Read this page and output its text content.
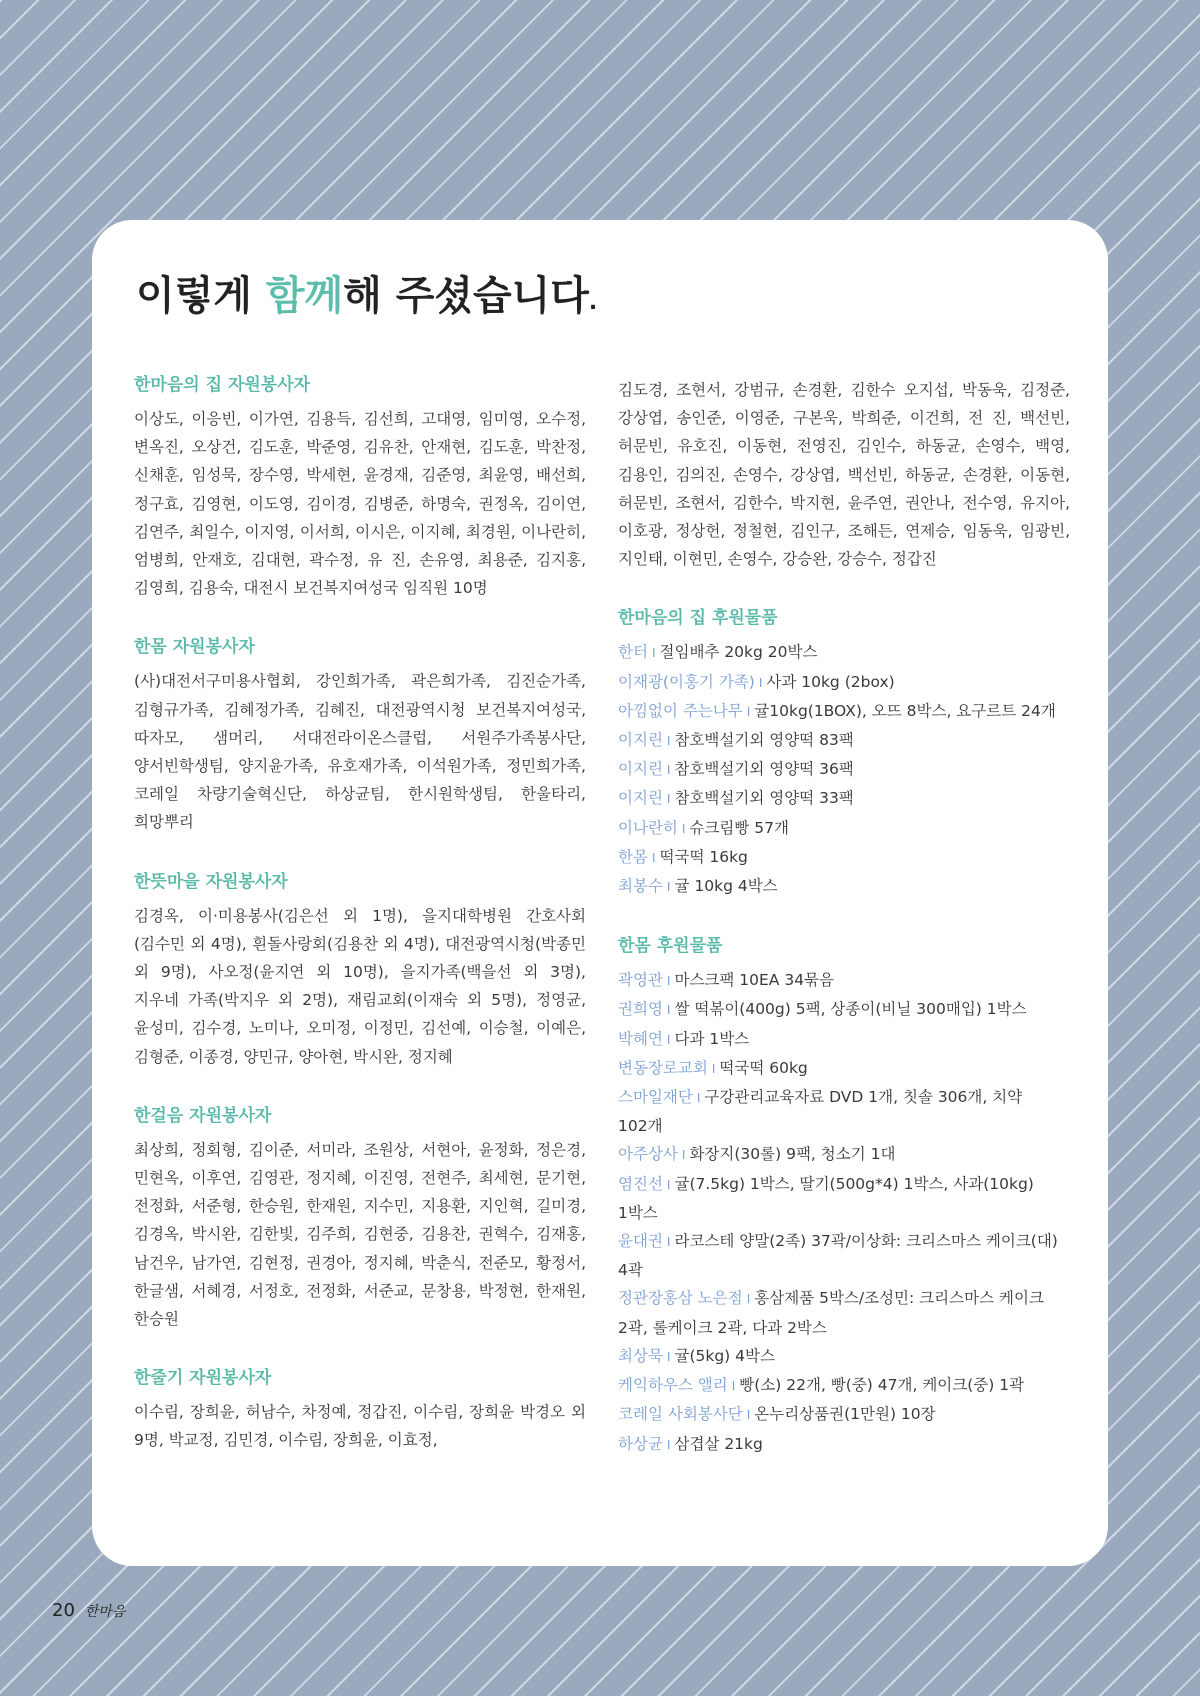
이렇게 함께해 주셨습니다.

한마음의 집 자원봉사자

이상도, 이응빈, 이가연, 김용득, 김선희, 고대영, 임미영, 오수정, 변옥진, 오상건, 김도훈, 박준영, 김유찬, 안재현, 김도훈, 박찬정, 신채훈, 임성묵, 장수영, 박세현, 윤경재, 김준영, 최윤영, 배선희, 정구효, 김영현, 이도영, 김이경, 김병준, 하명숙, 권정옥, 김이연, 김연주, 최일수, 이지영, 이서희, 이시은, 이지혜, 최경원, 이나란히, 엄병희, 안재호, 김대현, 곽수정, 유 진, 손유영, 최용준, 김지홍, 김영희, 김용숙, 대전시 보건복지여성국 임직원 10명

한몸 자원봉사자

(사)대전서구미용사협회, 강인희가족, 곽은희가족, 김진순가족, 김형규가족, 김혜정가족, 김혜진, 대전광역시청 보건복지여성국, 따자모, 샘머리, 서대전라이온스클럽, 서원주가족봉사단, 양서빈학생팀, 양지윤가족, 유호재가족, 이석원가족, 정민희가족, 코레일 차량기술혁신단, 하상균팀, 한시원학생팀, 한울타리, 희망뿌리

한뜻마을 자원봉사자

김경옥, 이·미용봉사(김은선 외 1명), 을지대학병원 간호사회(김수민 외 4명), 흰돌사랑회(김용찬 외 4명), 대전광역시청(박종민 외 9명), 사오정(윤지연 외 10명), 을지가족(백을선 외 3명), 지우네 가족(박지우 외 2명), 재림교회(이재숙 외 5명), 정영균, 윤성미, 김수경, 노미나, 오미정, 이정민, 김선예, 이승철, 이예은, 김형준, 이종경, 양민규, 양아현, 박시완, 정지혜

한걸음 자원봉사자

최상희, 정회형, 김이준, 서미라, 조원상, 서현아, 윤정화, 정은경, 민현옥, 이후연, 김영관, 정지혜, 이진영, 전현주, 최세현, 문기현, 전정화, 서준형, 한승원, 한재원, 지수민, 지용환, 지인혁, 길미경, 김경옥, 박시완, 김한빛, 김주희, 김현중, 김용찬, 권혁수, 김재홍, 남건우, 남가연, 김현정, 권경아, 정지혜, 박춘식, 전준모, 황정서, 한글샘, 서혜경, 서정호, 전정화, 서준교, 문창용, 박정현, 한재원, 한승원

한줄기 자원봉사자

이수림, 장희윤, 허남수, 차정예, 정갑진, 이수림, 장희윤 박경오 외 9명, 박교정, 김민경, 이수림, 장희윤, 이효정,

김도경, 조현서, 강범규, 손경환, 김한수 오지섭, 박동욱, 김정준, 강상엽, 송인준, 이영준, 구본욱, 박희준, 이건희, 전 진, 백선빈, 허문빈, 유호진, 이동현, 전영진, 김인수, 하동균, 손영수, 백영, 김용인, 김의진, 손영수, 강상엽, 백선빈, 하동균, 손경환, 이동현, 허문빈, 조현서, 김한수, 박지현, 윤주연, 권안나, 전수영, 유지아, 이호광, 정상헌, 정철현, 김인구, 조해든, 연제승, 임동욱, 임광빈, 지인태, 이현민, 손영수, 강승완, 강승수, 정갑진

한마음의 집 후원물품

한터 I 절임배추 20kg 20박스

이재광(이홍기 가족) I 사과 10kg (2box)

아낌없이 주는나무 I 귤10kg(1BOX), 오뜨 8박스, 요구르트 24개

이지린 I 참호백설기외 영양떡 83팩

이지린 I 참호백설기외 영양떡 36팩

이지린 I 참호백설기외 영양떡 33팩

이나란히 I 슈크림빵 57개

한몸 I 떡국떡 16kg

최봉수 I 귤 10kg 4박스

한몸 후원물품

곽영관 I 마스크팩 10EA 34묶음

권희영 I 쌀 떡볶이(400g) 5팩, 상종이(비닐 300매입) 1박스

박혜연 I 다과 1박스

변동장로교회 I 떡국떡 60kg

스마일재단 I 구강관리교육자료 DVD 1개, 칫솔 306개, 치약 102개

아주상사 I 화장지(30롤) 9팩, 청소기 1대

염진선 I 귤(7.5kg) 1박스, 딸기(500g*4) 1박스, 사과(10kg) 1박스

윤대권 I 라코스테 양말(2족) 37곽/이상화: 크리스마스 케이크(대) 4곽

정관장홍삼 노은점 I 홍삼제품 5박스/조성민: 크리스마스 케이크 2곽, 롤케이크 2곽, 다과 2박스

최상묵 I 귤(5kg) 4박스

케익하우스 앨리 I 빵(소) 22개, 빵(중) 47개, 케이크(중) 1곽

코레일 사회봉사단 I 온누리상품권(1만원) 10장

하상균 I 삼겹살 21kg

20 한마음
